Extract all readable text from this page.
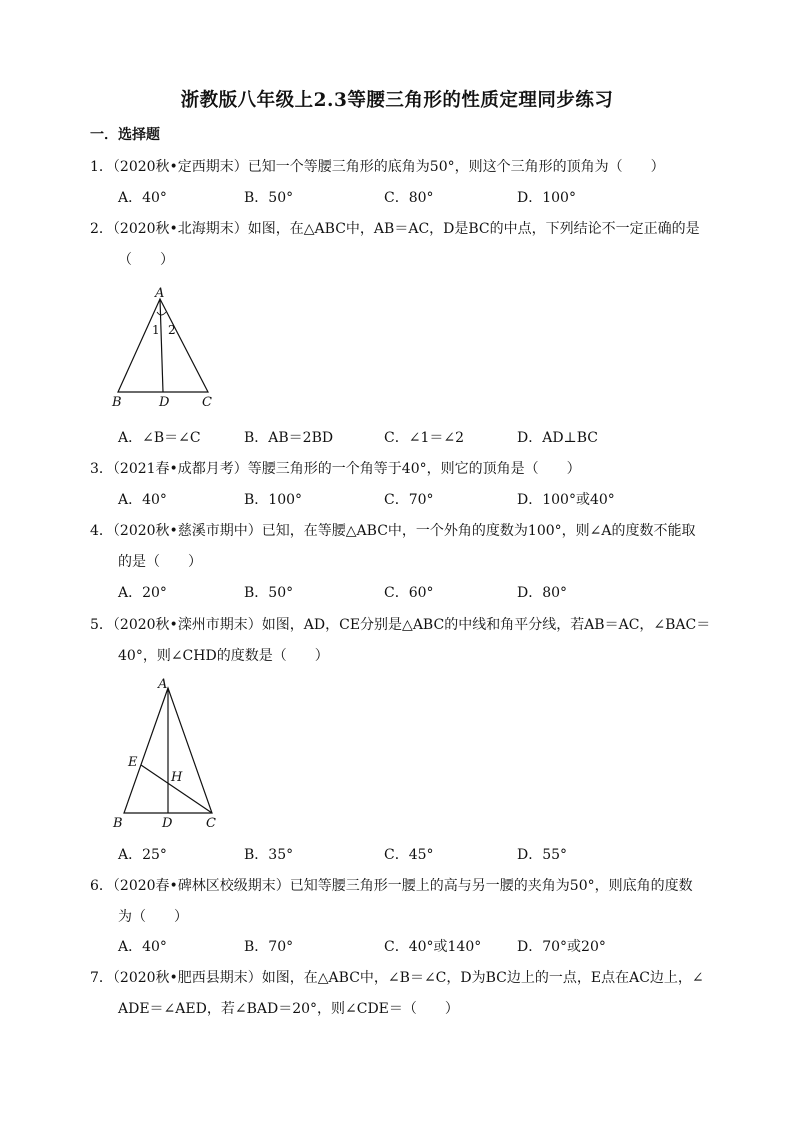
浙教版八年级上2.3等腰三角形的性质定理同步练习
一．选择题
1．（2020秋•定西期末）已知一个等腰三角形的底角为50°，则这个三角形的顶角为（　　）
A．40°	B．50°	C．80°	D．100°
2．（2020秋•北海期末）如图，在△ABC中，AB＝AC，D是BC的中点，下列结论不一定正确的是
（　　）
A
B	D	C
1 2
A．∠B＝∠C	B．AB＝2BD	C．∠1＝∠2	D．AD⊥BC
3．（2021春•成都月考）等腰三角形的一个角等于40°，则它的顶角是（　　）
A．40°	B．100°	C．70°	D．100°或40°
4．（2020秋•慈溪市期中）已知，在等腰△ABC中，一个外角的度数为100°，则∠A的度数不能取
的是（　　）
A．20°	B．50°	C．60°	D．80°
5．（2020秋•滦州市期末）如图，AD，CE分别是△ABC的中线和角平分线，若AB＝AC，∠BAC＝
40°，则∠CHD的度数是（　　）
A
E
H
B	D	C
A．25°	B．35°	C．45°	D．55°
6．（2020春•碑林区校级期末）已知等腰三角形一腰上的高与另一腰的夹角为50°，则底角的度数
为（　　）
A．40°	B．70°	C．40°或140°	D．70°或20°
7．（2020秋•肥西县期末）如图，在△ABC中，∠B＝∠C，D为BC边上的一点，E点在AC边上，∠
ADE＝∠AED，若∠BAD＝20°，则∠CDE＝（　　）
